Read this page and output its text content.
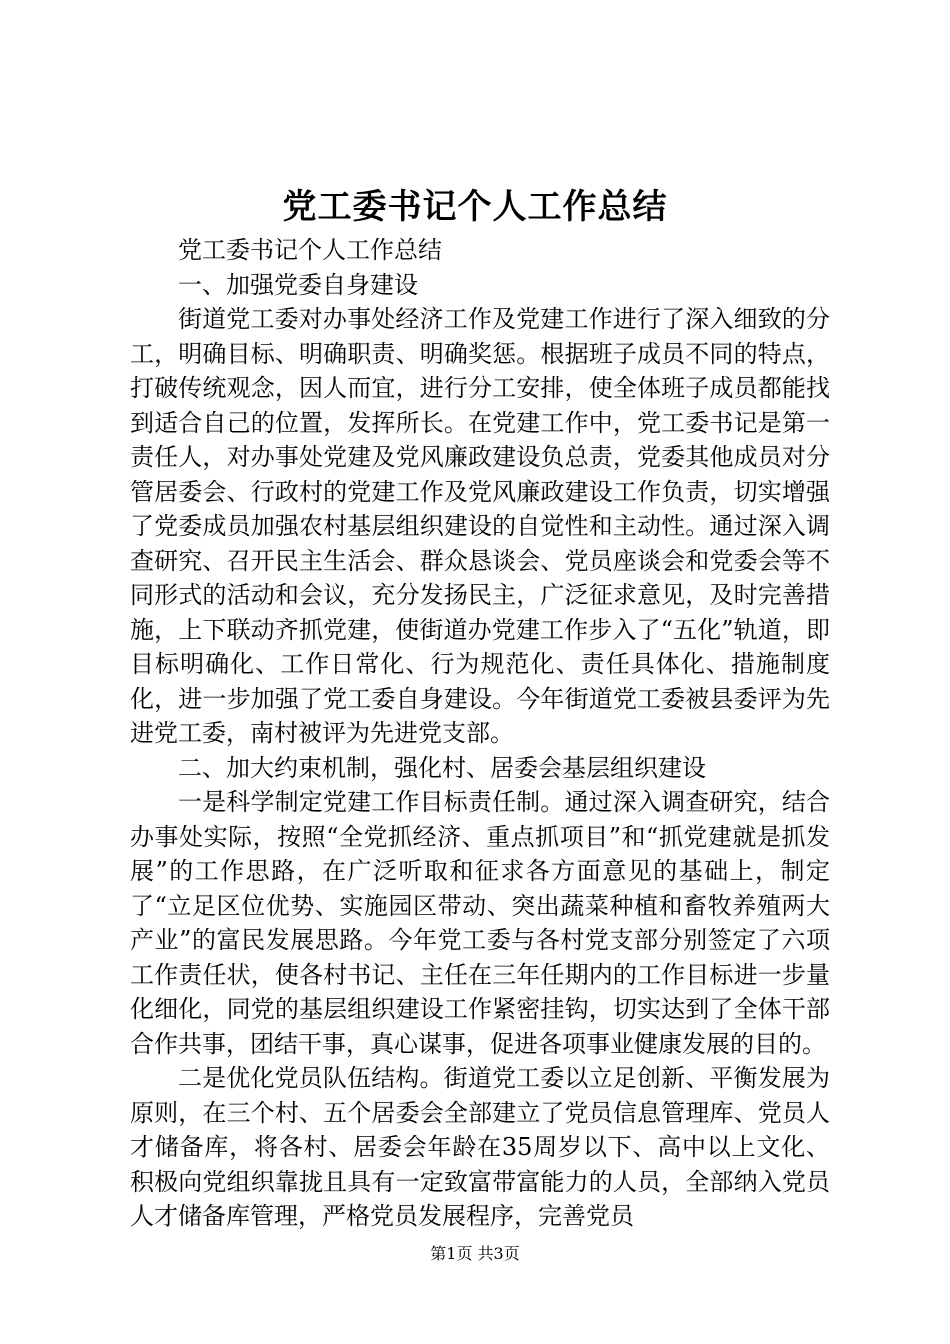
党工委书记个人工作总结

党工委书记个人工作总结

一、加强党委自身建设

街道党工委对办事处经济工作及党建工作进行了深入细致的分工，明确目标、明确职责、明确奖惩。根据班子成员不同的特点，打破传统观念，因人而宜，进行分工安排，使全体班子成员都能找到适合自己的位置，发挥所长。在党建工作中，党工委书记是第一责任人，对办事处党建及党风廉政建设负总责，党委其他成员对分管居委会、行政村的党建工作及党风廉政建设工作负责，切实增强了党委成员加强农村基层组织建设的自觉性和主动性。通过深入调查研究、召开民主生活会、群众恳谈会、党员座谈会和党委会等不同形式的活动和会议，充分发扬民主，广泛征求意见，及时完善措施，上下联动齐抓党建，使街道办党建工作步入了“五化”轨道，即目标明确化、工作日常化、行为规范化、责任具体化、措施制度化，进一步加强了党工委自身建设。今年街道党工委被县委评为先进党工委，南村被评为先进党支部。

二、加大约束机制，强化村、居委会基层组织建设

一是科学制定党建工作目标责任制。通过深入调查研究，结合办事处实际，按照“全党抓经济、重点抓项目”和“抓党建就是抓发展”的工作思路，在广泛听取和征求各方面意见的基础上，制定了“立足区位优势、实施园区带动、突出蔬菜种植和畜牧养殖两大产业”的富民发展思路。今年党工委与各村党支部分别签定了六项工作责任状，使各村书记、主任在三年任期内的工作目标进一步量化细化，同党的基层组织建设工作紧密挂钩，切实达到了全体干部合作共事，团结干事，真心谋事，促进各项事业健康发展的目的。

二是优化党员队伍结构。街道党工委以立足创新、平衡发展为原则，在三个村、五个居委会全部建立了党员信息管理库、党员人才储备库，将各村、居委会年龄在35周岁以下、高中以上文化、积极向党组织靠拢且具有一定致富带富能力的人员，全部纳入党员人才储备库管理，严格党员发展程序，完善党员

第1页 共3页
